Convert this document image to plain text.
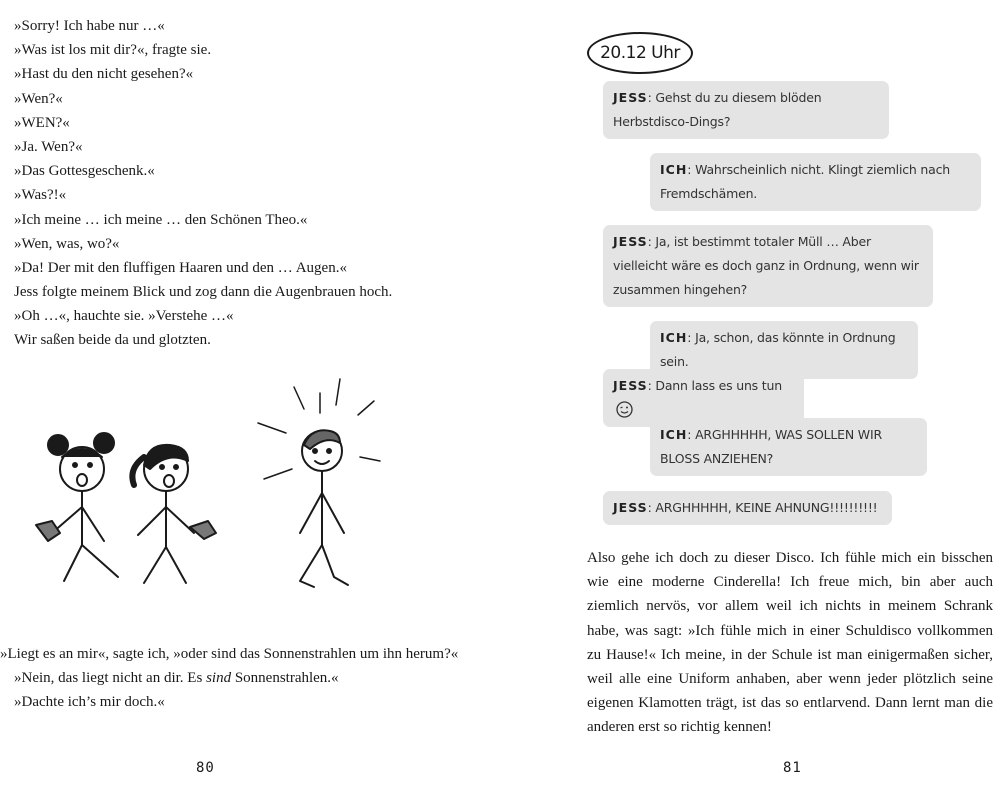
»Sorry! Ich habe nur …«
»Was ist los mit dir?«, fragte sie.
»Hast du den nicht gesehen?«
»Wen?«
»WEN?«
»Ja. Wen?«
»Das Gottesgeschenk.«
»Was?!«
»Ich meine … ich meine … den Schönen Theo.«
»Wen, was, wo?«
»Da! Der mit den fluffigen Haaren und den … Augen.«
Jess folgte meinem Blick und zog dann die Augenbrauen hoch.
»Oh …«, hauchte sie. »Verstehe …«
Wir saßen beide da und glotzten.

»Liegt es an mir«, sagte ich, »oder sind das Sonnenstrahlen um ihn herum?«

»Nein, das liegt nicht an dir. Es sind Sonnenstrahlen.«

»Dachte ich’s mir doch.«

80
20.12 Uhr
JESS: Gehst du zu diesem blöden Herbstdisco-Dings?
ICH: Wahrscheinlich nicht. Klingt ziemlich nach Fremdschämen.
JESS: Ja, ist bestimmt totaler Müll … Aber vielleicht wäre es doch ganz in Ordnung, wenn wir zusammen hingehen?
ICH: Ja, schon, das könnte in Ordnung sein.
JESS: Dann lass es uns tun
ICH: ARGHHHHH, WAS SOLLEN WIR BLOSS ANZIEHEN?
JESS: ARGHHHHH, KEINE AHNUNG!!!!!!!!!!

Also gehe ich doch zu dieser Disco. Ich fühle mich ein bisschen wie eine moderne Cinderella! Ich freue mich, bin aber auch ziemlich nervös, vor allem weil ich nichts in meinem Schrank habe, was sagt: »Ich fühle mich in einer Schuldisco vollkommen zu Hause!« Ich meine, in der Schule ist man einigermaßen sicher, weil alle eine Uniform anhaben, aber wenn jeder plötzlich seine eigenen Klamotten trägt, ist das so entlarvend. Dann lernt man die anderen erst so richtig kennen!

81
